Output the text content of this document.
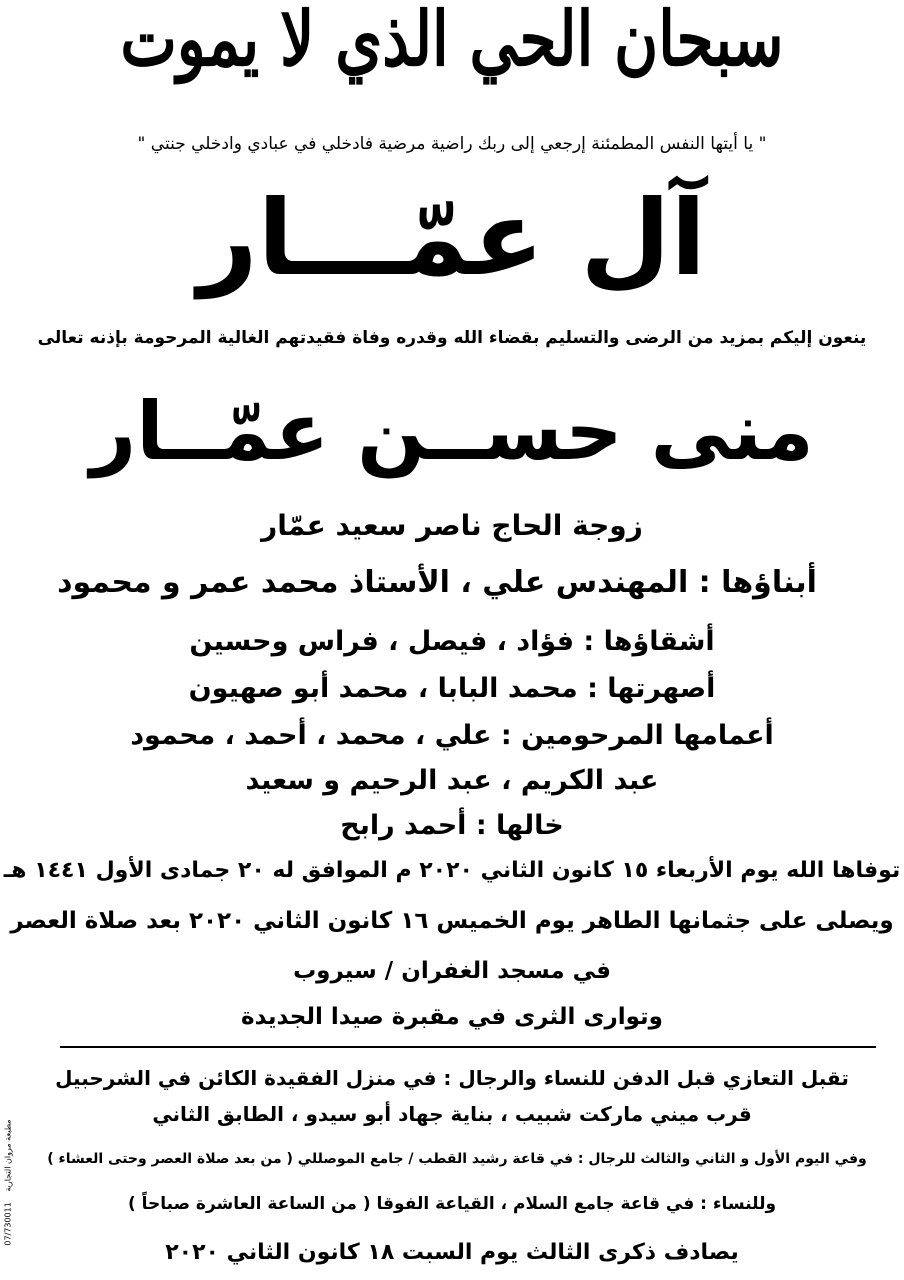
سبحان الحي الذي لا يموت
" يا أيتها النفس المطمئنة إرجعي إلى ربك راضية مرضية فادخلي في عبادي وادخلي جنتي "
آل عمّـــار
ينعون إليكم بمزيد من الرضى والتسليم بقضاء الله وقدره وفاة فقيدتهم الغالية المرحومة بإذنه تعالى
منى حســن عمّــار
زوجة الحاج ناصر سعيد عمّار
أبناؤها : المهندس علي ، الأستاذ محمد عمر و محمود
أشقاؤها : فؤاد ، فيصل ، فراس وحسين
أصهرتها : محمد البابا ، محمد أبو صهيون
أعمامها المرحومين : علي ، محمد ، أحمد ، محمود
عبد الكريم ، عبد الرحيم و سعيد
خالها : أحمد رابح
توفاها الله يوم الأربعاء ١٥ كانون الثاني ٢٠٢٠ م الموافق له ٢٠ جمادى الأول ١٤٤١ هـ
ويصلى على جثمانها الطاهر يوم الخميس ١٦ كانون الثاني ٢٠٢٠ بعد صلاة العصر
في مسجد الغفران / سيروب
وتوارى الثرى في مقبرة صيدا الجديدة
تقبل التعازي قبل الدفن للنساء والرجال : في منزل الفقيدة الكائن في الشرحبيل
قرب ميني ماركت شبيب ، بناية جهاد أبو سيدو ، الطابق الثاني
وفي اليوم الأول و الثاني والثالث للرجال : في قاعة رشيد القطب / جامع الموصللي ( من بعد صلاة العصر وحتى العشاء )
وللنساء : في قاعة جامع السلام ، القياعة الفوقا ( من الساعة العاشرة صباحاً )
يصادف ذكرى الثالث يوم السبت ١٨ كانون الثاني ٢٠٢٠
مطبعة مروان التجارية 07/730011
